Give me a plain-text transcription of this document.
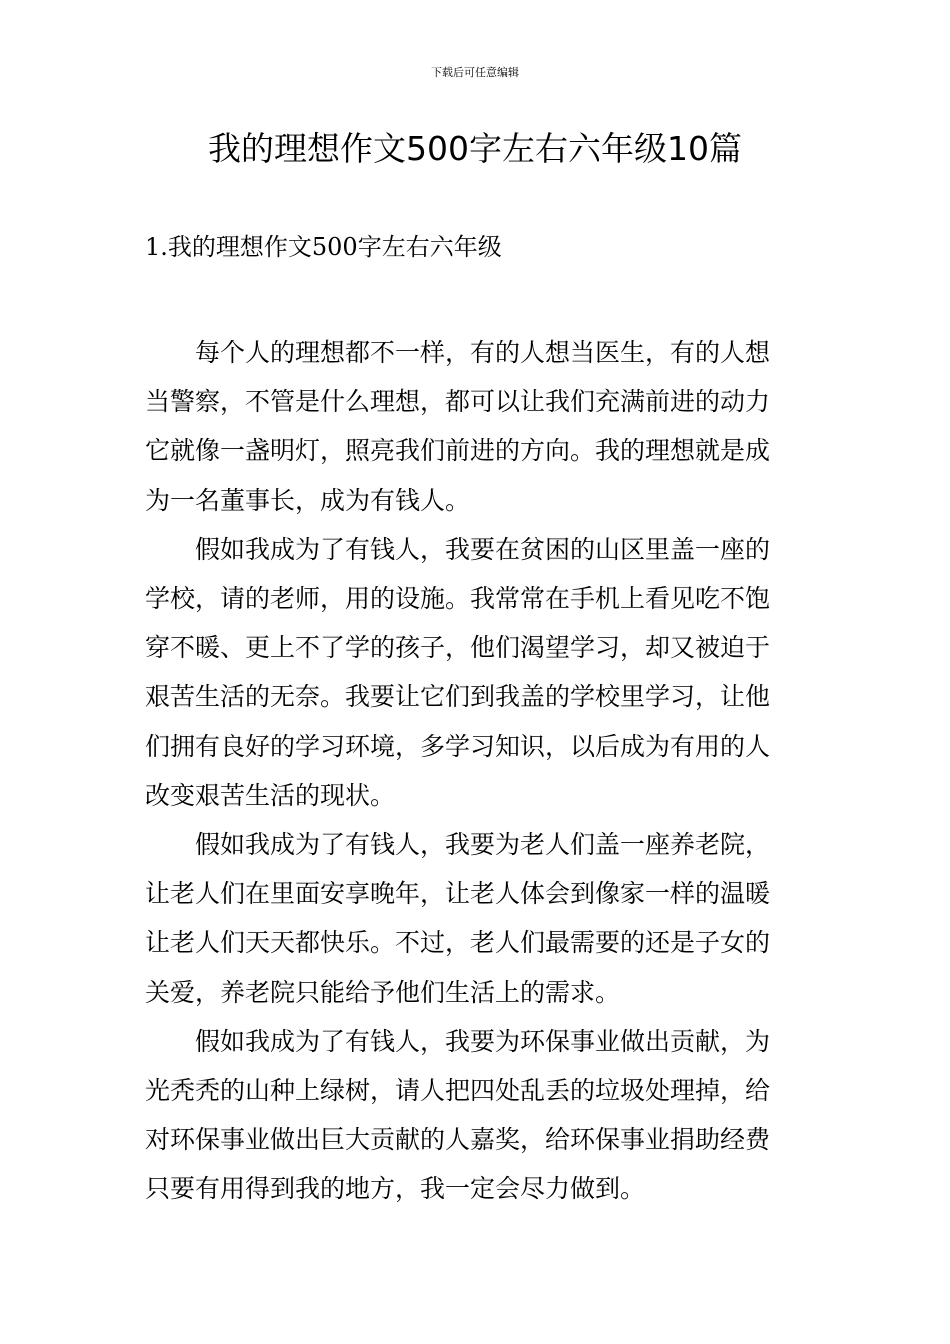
下载后可任意编辑
我的理想作文500字左右六年级10篇
1.我的理想作文500字左右六年级

每个人的理想都不一样，有的人想当医生，有的人想
当警察，不管是什么理想，都可以让我们充满前进的动力
它就像一盏明灯，照亮我们前进的方向。我的理想就是成
为一名董事长，成为有钱人。

假如我成为了有钱人，我要在贫困的山区里盖一座的
学校，请的老师，用的设施。我常常在手机上看见吃不饱
穿不暖、更上不了学的孩子，他们渴望学习，却又被迫于
艰苦生活的无奈。我要让它们到我盖的学校里学习，让他
们拥有良好的学习环境，多学习知识，以后成为有用的人
改变艰苦生活的现状。

假如我成为了有钱人，我要为老人们盖一座养老院，
让老人们在里面安享晚年，让老人体会到像家一样的温暖
让老人们天天都快乐。不过，老人们最需要的还是子女的
关爱，养老院只能给予他们生活上的需求。

假如我成为了有钱人，我要为环保事业做出贡献，为
光秃秃的山种上绿树，请人把四处乱丢的垃圾处理掉，给
对环保事业做出巨大贡献的人嘉奖，给环保事业捐助经费
只要有用得到我的地方，我一定会尽力做到。
